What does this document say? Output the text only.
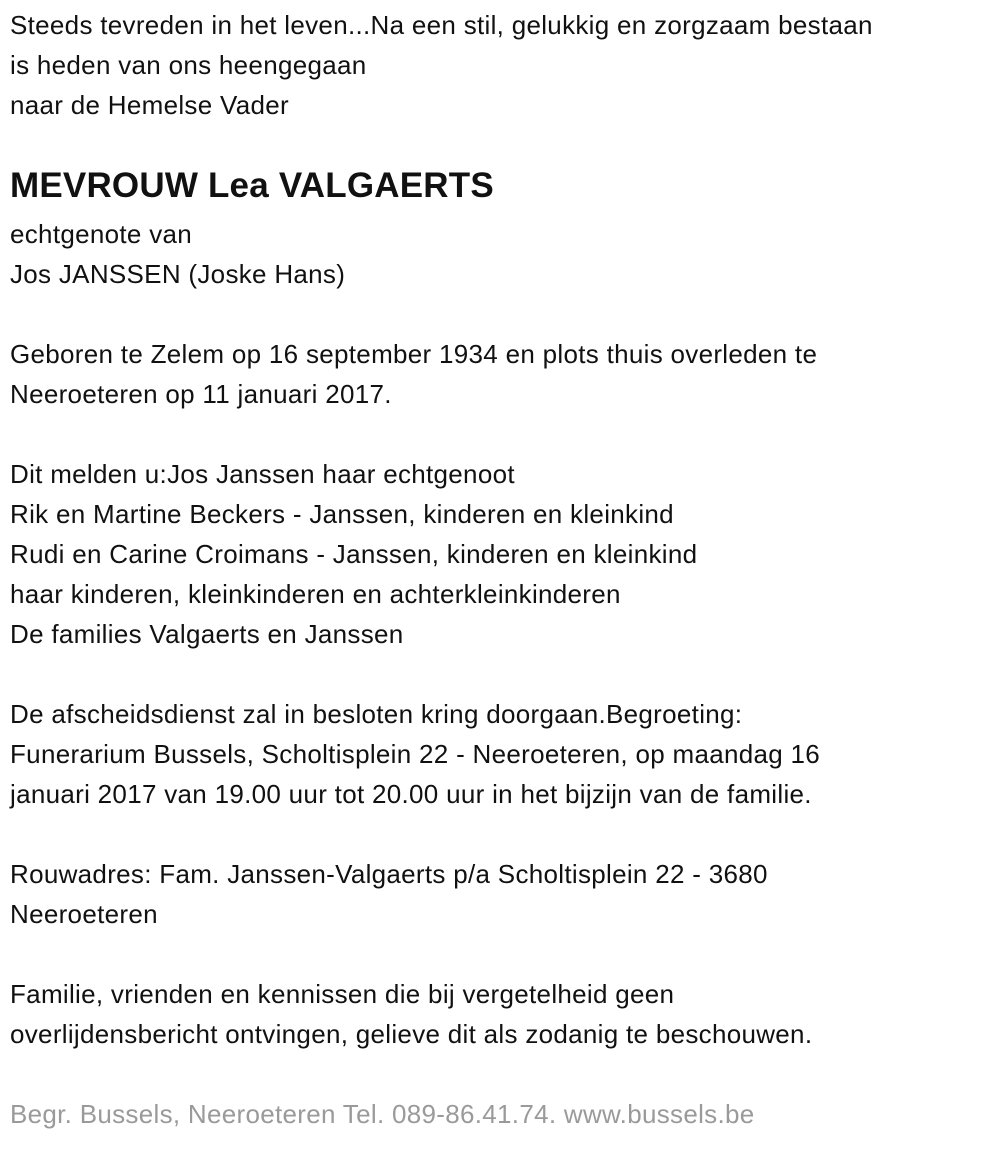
Steeds tevreden in het leven...Na een stil, gelukkig en zorgzaam bestaan
is heden van ons heengegaan
naar de Hemelse Vader
MEVROUW Lea VALGAERTS
echtgenote van
Jos JANSSEN (Joske Hans)
Geboren te Zelem op 16 september 1934 en plots thuis overleden te
Neeroeteren op 11 januari 2017.
Dit melden u:Jos Janssen haar echtgenoot
Rik en Martine Beckers - Janssen, kinderen en kleinkind
Rudi en Carine Croimans - Janssen, kinderen en kleinkind
haar kinderen, kleinkinderen en achterkleinkinderen
De families Valgaerts en Janssen
De afscheidsdienst zal in besloten kring doorgaan.Begroeting:
Funerarium Bussels, Scholtisplein 22 - Neeroeteren, op maandag 16
januari 2017 van 19.00 uur tot 20.00 uur in het bijzijn van de familie.
Rouwadres: Fam. Janssen-Valgaerts p/a Scholtisplein 22 - 3680
Neeroeteren
Familie, vrienden en kennissen die bij vergetelheid geen
overlijdensbericht ontvingen, gelieve dit als zodanig te beschouwen.
Begr. Bussels, Neeroeteren Tel. 089-86.41.74. www.bussels.be
